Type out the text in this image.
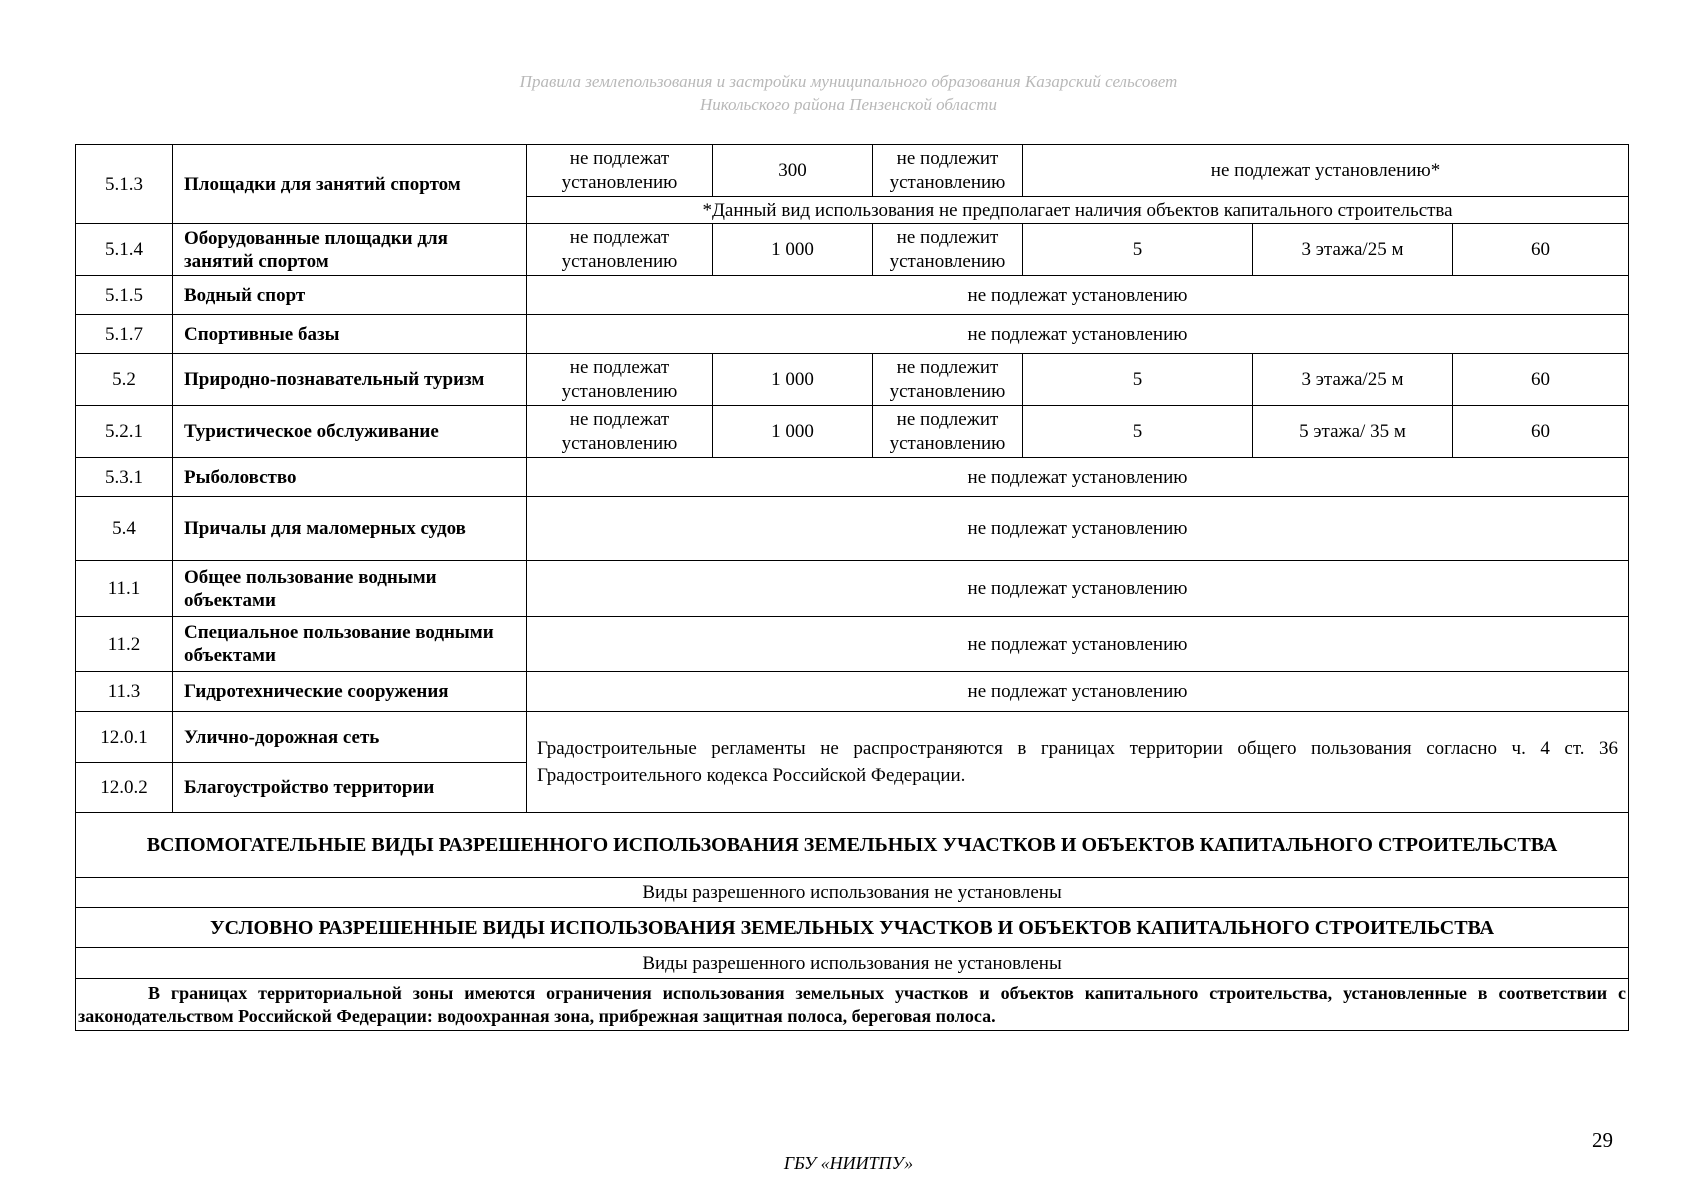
Правила землепользования и застройки муниципального образования Казарский сельсовет
Никольского района Пензенской области
5.1.3	Площадки для занятий спортом	не подлежат установлению	300	не подлежит установлению	не подлежат установлению*		
		*Данный вид использования не предполагает наличия объектов капитального строительства					
5.1.4	Оборудованные площадки для занятий спортом	не подлежат установлению	1 000	не подлежит установлению	5	3 этажа/25 м	60
5.1.5	Водный спорт	не подлежат установлению					
5.1.7	Спортивные базы	не подлежат установлению					
5.2	Природно-познавательный туризм	не подлежат установлению	1 000	не подлежит установлению	5	3 этажа/25 м	60
5.2.1	Туристическое обслуживание	не подлежат установлению	1 000	не подлежит установлению	5	5 этажа/ 35 м	60
5.3.1	Рыболовство	не подлежат установлению					
5.4	Причалы для маломерных судов	не подлежат установлению					
11.1	Общее пользование водными объектами	не подлежат установлению					
11.2	Специальное пользование водными объектами	не подлежат установлению					
11.3	Гидротехнические сооружения	не подлежат установлению					
12.0.1	Улично-дорожная сеть	Градостроительные регламенты не распространяются в границах территории общего пользования согласно ч. 4 ст. 36 Градостроительного кодекса Российской Федерации.					
12.0.2	Благоустройство территории						
ВСПОМОГАТЕЛЬНЫЕ ВИДЫ РАЗРЕШЕННОГО ИСПОЛЬЗОВАНИЯ ЗЕМЕЛЬНЫХ УЧАСТКОВ И ОБЪЕКТОВ КАПИТАЛЬНОГО СТРОИТЕЛЬСТВА							
Виды разрешенного использования не установлены							
УСЛОВНО РАЗРЕШЕННЫЕ ВИДЫ ИСПОЛЬЗОВАНИЯ ЗЕМЕЛЬНЫХ УЧАСТКОВ И ОБЪЕКТОВ КАПИТАЛЬНОГО СТРОИТЕЛЬСТВА							
Виды разрешенного использования не установлены							
В границах территориальной зоны имеются ограничения использования земельных участков и объектов капитального строительства, установленные в соответствии с законодательством Российской Федерации: водоохранная зона, прибрежная защитная полоса, береговая полоса.							
29
ГБУ «НИИТПУ»
